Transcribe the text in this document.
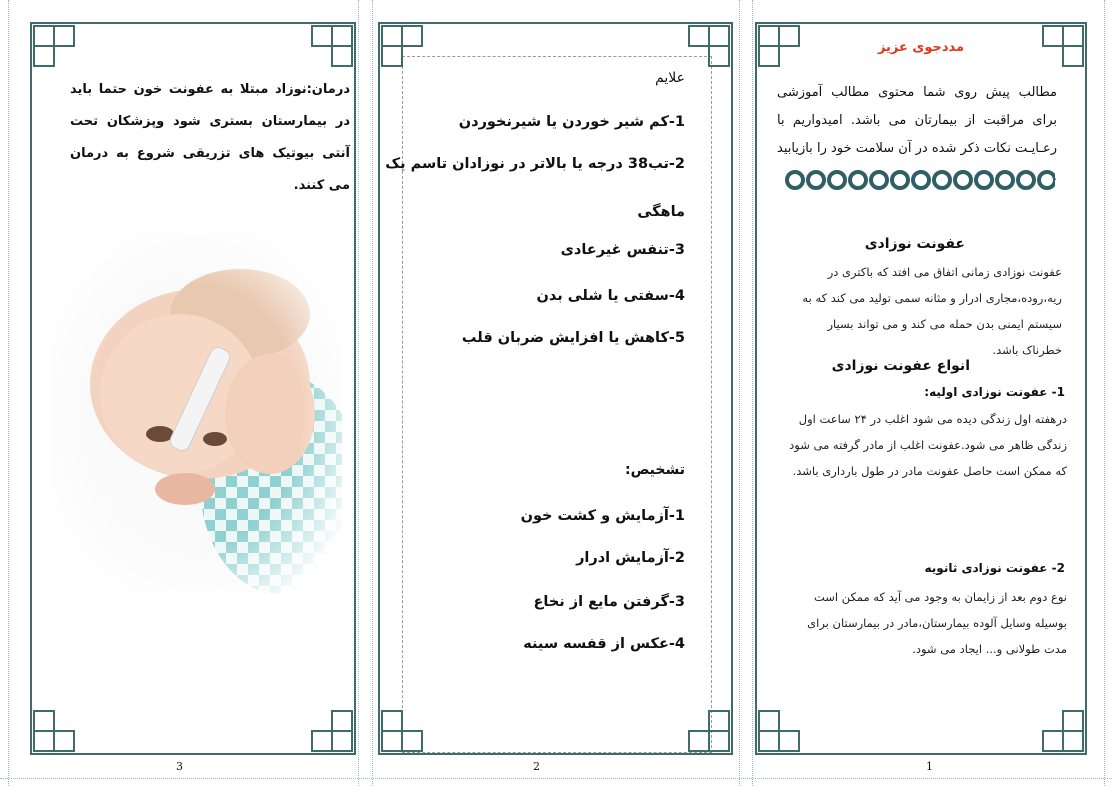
درمان:نوزاد مبتلا به عفونت خون حتما باید در بیمارستان بستری شود وپزشکان تحت آنتی بیوتیک های تزریقی شروع به درمان می کنند.
3
علایم
1-کم شیر خوردن یا شیرنخوردن
2-تب38 درجه یا بالاتر در نوزادان تاسم یک
ماهگی
3-تنفس غیرعادی
4-سفتی یا شلی بدن
5-کاهش یا افزایش ضربان قلب
تشخیص:
1-آزمایش و کشت خون
2-آزمایش ادرار
3-گرفتن مایع از نخاع
4-عکس از قفسه سینه
2
مددجوی عزیز
مطالب پیش روی شما محتوی مطالب آموزشی برای مراقبت از بیمارتان می باشد. امیدواریم با رعـایـت نکات ذکر شده در آن سلامت خود را بازیابید .
عفونت نوزادی
عفونت نوزادی زمانی اتفاق می افتد که باکتری در ریه،روده،مجاری ادرار و مثانه سمی تولید می کند که به سیستم ایمنی بدن حمله می کند و می تواند بسیار خطرناک باشد.
انواع عفونت نوزادی
1- عفونت نوزادی اولیه:
درهفته اول زندگی دیده می شود اغلب در ۲۴ ساعت اول زندگی ظاهر می شود.عفونت اغلب از مادر گرفته می شود که ممکن است حاصل عفونت مادر در طول بارداری باشد.
2- عفونت نوزادی ثانویه
نوع دوم بعد از زایمان به وجود می آید که ممکن است بوسیله وسایل آلوده بیمارستان،مادر در بیمارستان برای مدت طولانی و... ایجاد می شود.
1
